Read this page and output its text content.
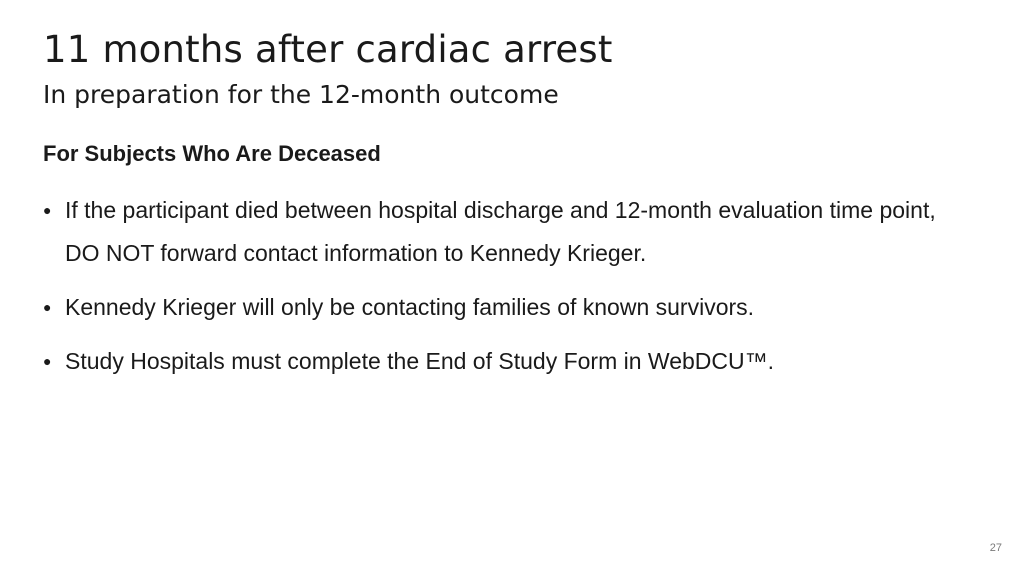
11 months after cardiac arrest
In preparation for the 12-month outcome
For Subjects Who Are Deceased
● If the participant died between hospital discharge and 12-month evaluation time point, DO NOT forward contact information to Kennedy Krieger.
● Kennedy Krieger will only be contacting families of known survivors.
● Study Hospitals must complete the End of Study Form in WebDCU™.
27
